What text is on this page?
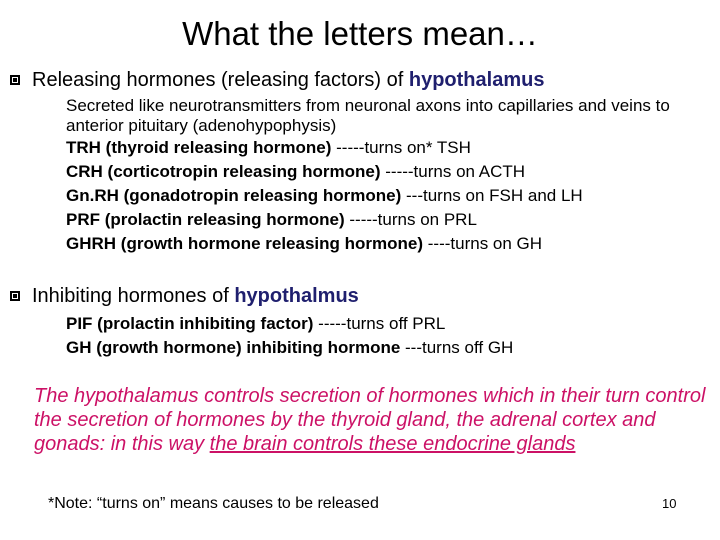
What the letters mean…
Releasing hormones (releasing factors) of hypothalamus
Secreted like neurotransmitters from neuronal axons into capillaries and veins to anterior pituitary (adenohypophysis)
TRH (thyroid releasing hormone) -----turns on* TSH
CRH (corticotropin releasing hormone) -----turns on ACTH
Gn.RH (gonadotropin releasing hormone) ---turns on FSH and LH
PRF (prolactin releasing hormone) -----turns on PRL
GHRH (growth hormone releasing hormone) ----turns on GH
Inhibiting hormones of hypothalmus
PIF (prolactin inhibiting factor) -----turns off PRL
GH (growth hormone) inhibiting hormone ---turns off GH
The hypothalamus controls secretion of hormones which in their turn control the secretion of hormones by the thyroid gland, the adrenal cortex and gonads: in this way the brain controls these endocrine glands
*Note: “turns on” means causes to be released	10
